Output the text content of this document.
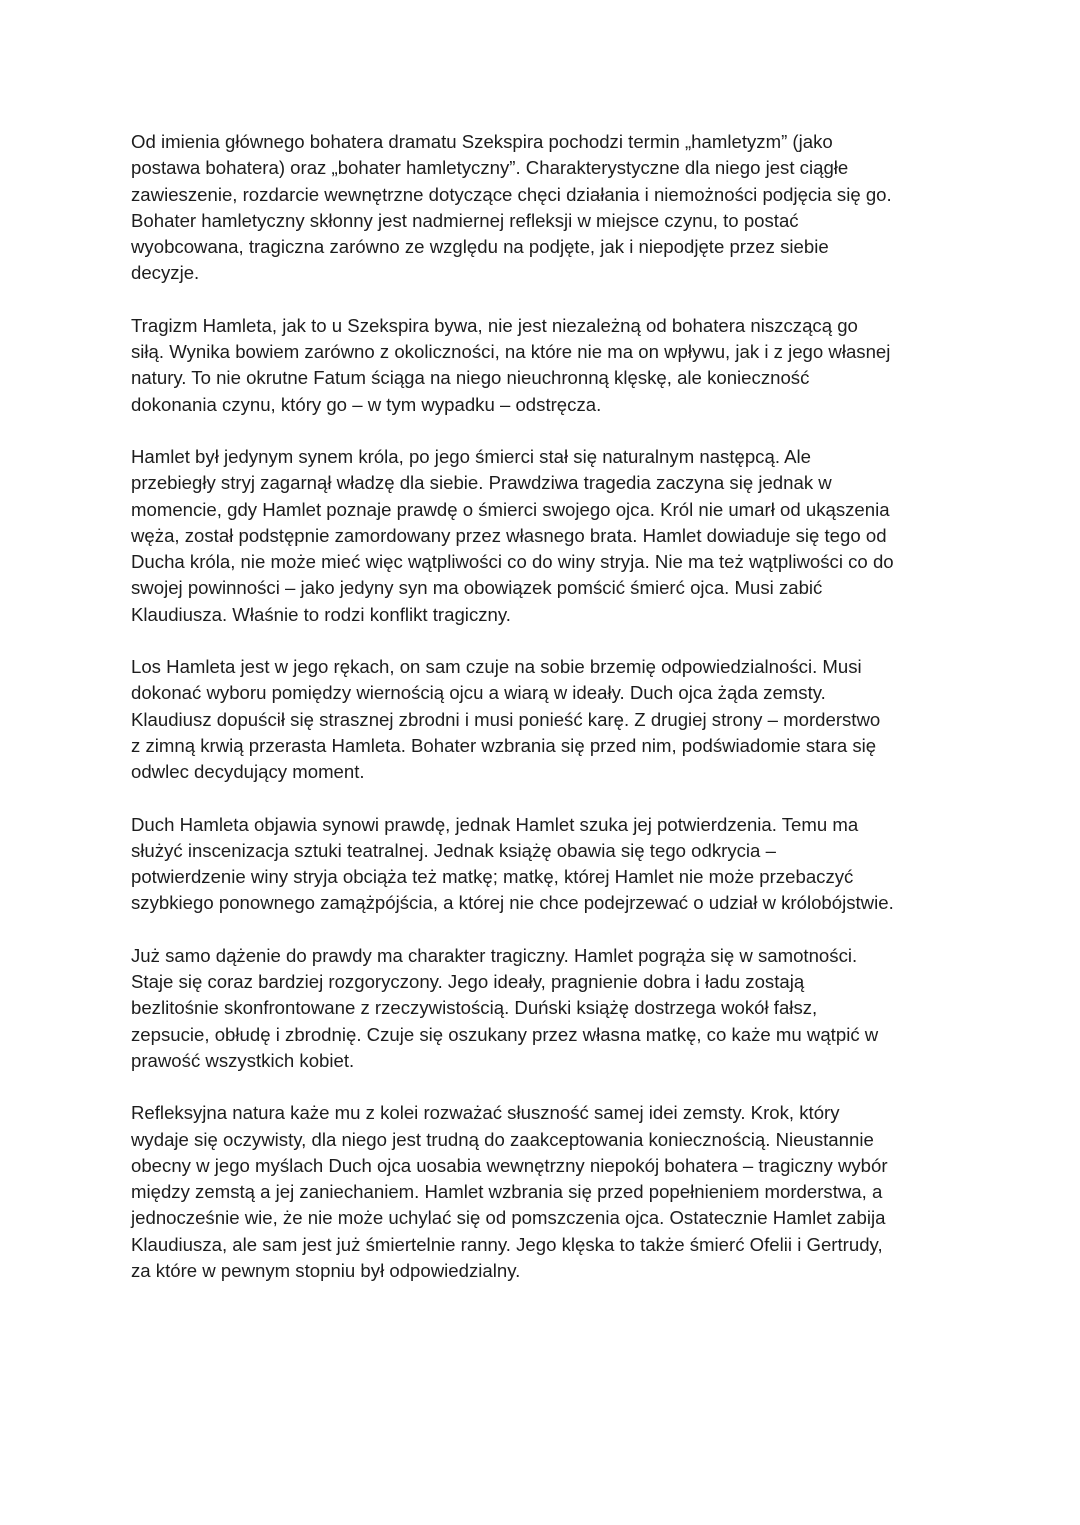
Od imienia głównego bohatera dramatu Szekspira pochodzi termin „hamletyzm” (jako
postawa bohatera) oraz „bohater hamletyczny”. Charakterystyczne dla niego jest ciągłe
zawieszenie, rozdarcie wewnętrzne dotyczące chęci działania i niemożności podjęcia się go.
Bohater hamletyczny skłonny jest nadmiernej refleksji w miejsce czynu, to postać
wyobcowana, tragiczna zarówno ze względu na podjęte, jak i niepodjęte przez siebie
decyzje.

Tragizm Hamleta, jak to u Szekspira bywa, nie jest niezależną od bohatera niszczącą go
siłą. Wynika bowiem zarówno z okoliczności, na które nie ma on wpływu, jak i z jego własnej
natury. To nie okrutne Fatum ściąga na niego nieuchronną klęskę, ale konieczność
dokonania czynu, który go – w tym wypadku – odstręcza.

Hamlet był jedynym synem króla, po jego śmierci stał się naturalnym następcą. Ale
przebiegły stryj zagarnął władzę dla siebie. Prawdziwa tragedia zaczyna się jednak w
momencie, gdy Hamlet poznaje prawdę o śmierci swojego ojca. Król nie umarł od ukąszenia
węża, został podstępnie zamordowany przez własnego brata. Hamlet dowiaduje się tego od
Ducha króla, nie może mieć więc wątpliwości co do winy stryja. Nie ma też wątpliwości co do
swojej powinności – jako jedyny syn ma obowiązek pomścić śmierć ojca. Musi zabić
Klaudiusza. Właśnie to rodzi konflikt tragiczny.

Los Hamleta jest w jego rękach, on sam czuje na sobie brzemię odpowiedzialności. Musi
dokonać wyboru pomiędzy wiernością ojcu a wiarą w ideały. Duch ojca żąda zemsty.
Klaudiusz dopuścił się strasznej zbrodni i musi ponieść karę. Z drugiej strony – morderstwo
z zimną krwią przerasta Hamleta. Bohater wzbrania się przed nim, podświadomie stara się
odwlec decydujący moment.

Duch Hamleta objawia synowi prawdę, jednak Hamlet szuka jej potwierdzenia. Temu ma
służyć inscenizacja sztuki teatralnej. Jednak książę obawia się tego odkrycia –
potwierdzenie winy stryja obciąża też matkę; matkę, której Hamlet nie może przebaczyć
szybkiego ponownego zamążpójścia, a której nie chce podejrzewać o udział w królobójstwie.

Już samo dążenie do prawdy ma charakter tragiczny. Hamlet pogrąża się w samotności.
Staje się coraz bardziej rozgoryczony. Jego ideały, pragnienie dobra i ładu zostają
bezlitośnie skonfrontowane z rzeczywistością. Duński książę dostrzega wokół fałsz,
zepsucie, obłudę i zbrodnię. Czuje się oszukany przez własna matkę, co każe mu wątpić w
prawość wszystkich kobiet.

Refleksyjna natura każe mu z kolei rozważać słuszność samej idei zemsty. Krok, który
wydaje się oczywisty, dla niego jest trudną do zaakceptowania koniecznością. Nieustannie
obecny w jego myślach Duch ojca uosabia wewnętrzny niepokój bohatera – tragiczny wybór
między zemstą a jej zaniechaniem. Hamlet wzbrania się przed popełnieniem morderstwa, a
jednocześnie wie, że nie może uchylać się od pomszczenia ojca. Ostatecznie Hamlet zabija
Klaudiusza, ale sam jest już śmiertelnie ranny. Jego klęska to także śmierć Ofelii i Gertrudy,
za które w pewnym stopniu był odpowiedzialny.
